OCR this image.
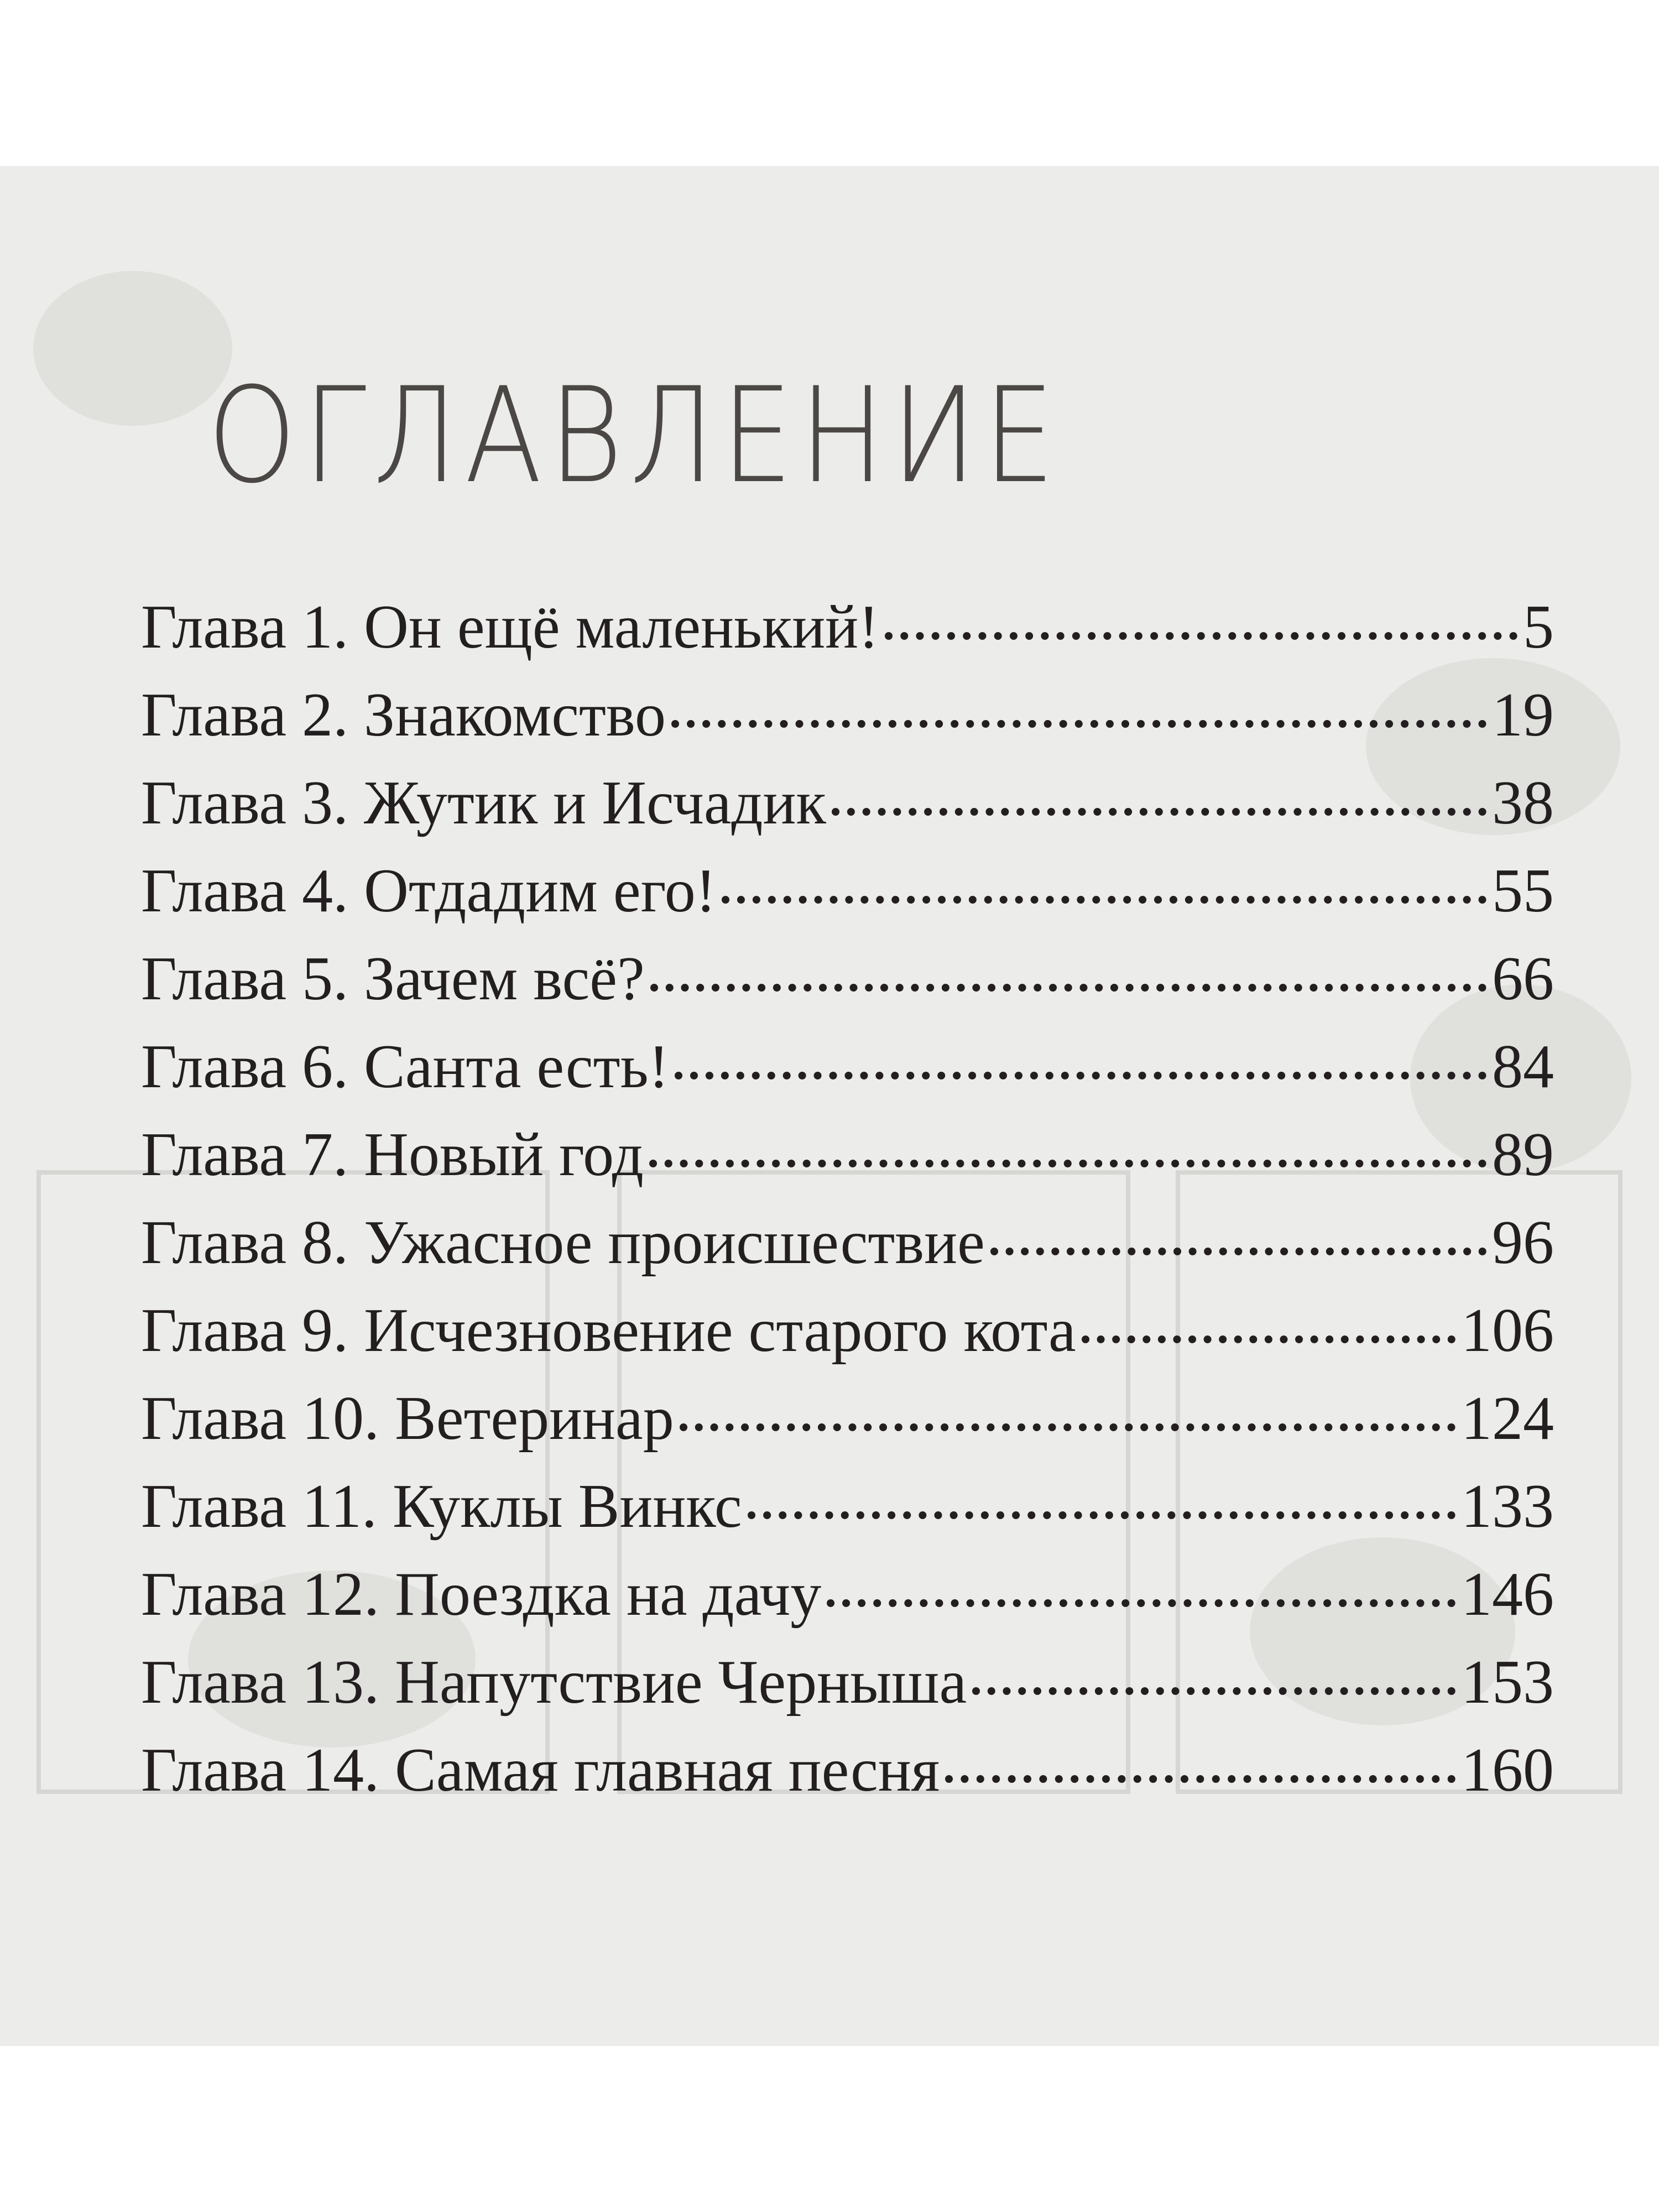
ОГЛАВЛЕНИЕ
Глава 1. Он ещё маленький!	5
Глава 2. Знакомство	19
Глава 3. Жутик и Исчадик	38
Глава 4. Отдадим его!	55
Глава 5. Зачем всё?	66
Глава 6. Санта есть!	84
Глава 7. Новый год	89
Глава 8. Ужасное происшествие	96
Глава 9. Исчезновение старого кота	106
Глава 10. Ветеринар	124
Глава 11. Куклы Винкс	133
Глава 12. Поездка на дачу	146
Глава 13. Напутствие Черныша	153
Глава 14. Самая главная песня	160
